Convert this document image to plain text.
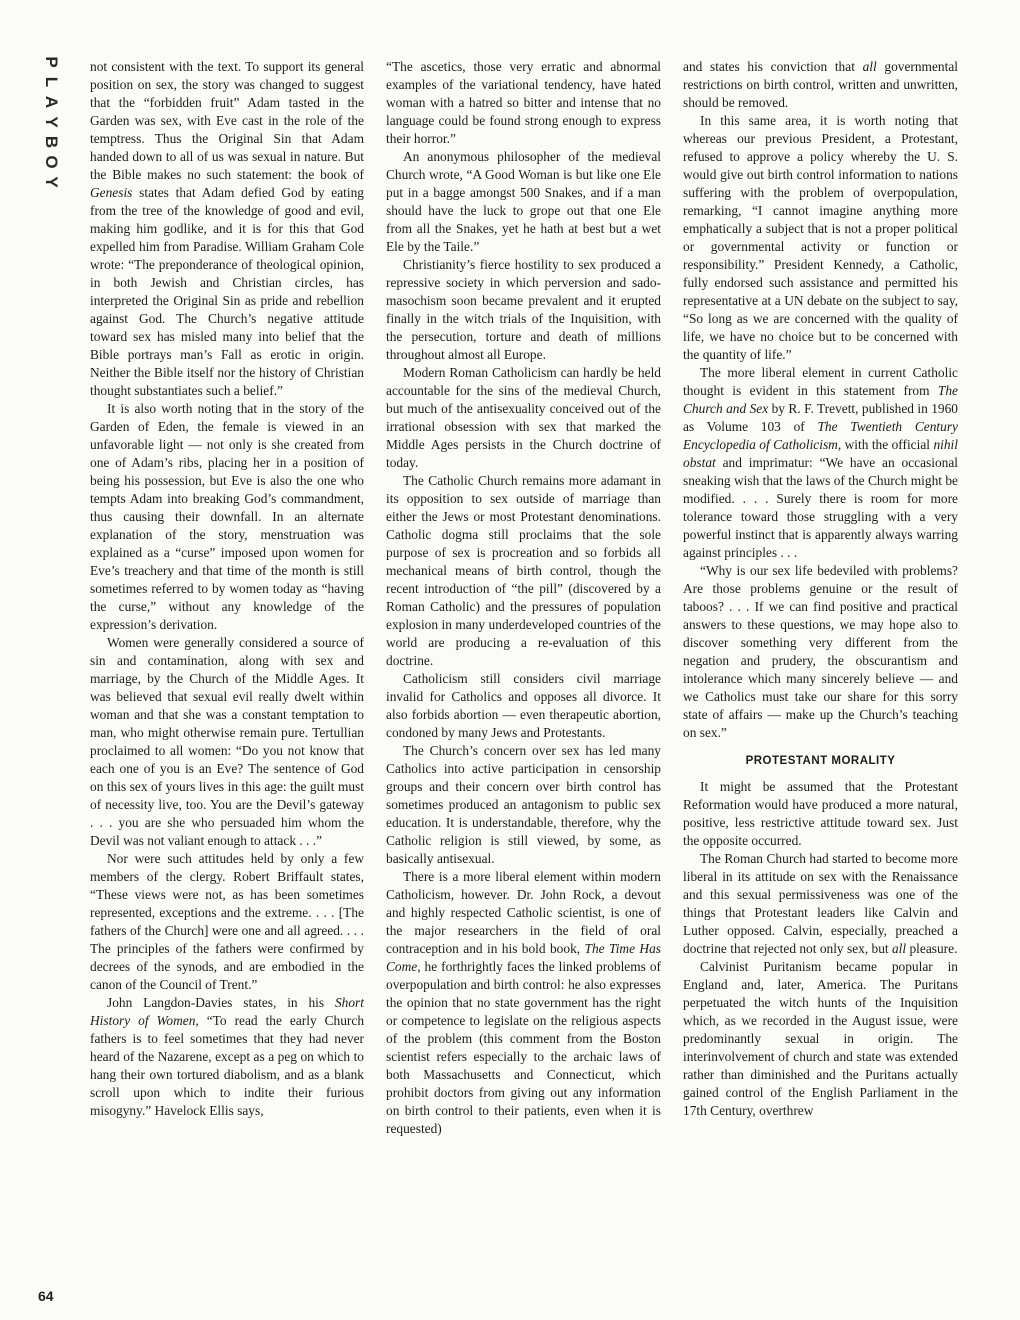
P
L
A
Y
B
O
Y

not consistent with the text. To support its general position on sex, the story was changed to suggest that the “forbidden fruit” Adam tasted in the Garden was sex, with Eve cast in the role of the temptress. Thus the Original Sin that Adam handed down to all of us was sexual in nature. But the Bible makes no such statement: the book of Genesis states that Adam defied God by eating from the tree of the knowledge of good and evil, making him godlike, and it is for this that God expelled him from Paradise. William Graham Cole wrote: “The preponderance of theological opinion, in both Jewish and Christian circles, has interpreted the Original Sin as pride and rebellion against God. The Church’s negative attitude toward sex has misled many into belief that the Bible portrays man’s Fall as erotic in origin. Neither the Bible itself nor the history of Christian thought substantiates such a belief.”

It is also worth noting that in the story of the Garden of Eden, the female is viewed in an unfavorable light — not only is she created from one of Adam’s ribs, placing her in a position of being his possession, but Eve is also the one who tempts Adam into breaking God’s commandment, thus causing their downfall. In an alternate explanation of the story, menstruation was explained as a “curse” imposed upon women for Eve’s treachery and that time of the month is still sometimes referred to by women today as “having the curse,” without any knowledge of the expression’s derivation.

Women were generally considered a source of sin and contamination, along with sex and marriage, by the Church of the Middle Ages. It was believed that sexual evil really dwelt within woman and that she was a constant temptation to man, who might otherwise remain pure. Tertullian proclaimed to all women: “Do you not know that each one of you is an Eve? The sentence of God on this sex of yours lives in this age: the guilt must of necessity live, too. You are the Devil’s gateway . . . you are she who persuaded him whom the Devil was not valiant enough to attack . . .”

Nor were such attitudes held by only a few members of the clergy. Robert Briffault states, “These views were not, as has been sometimes represented, exceptions and the extreme. . . . [The fathers of the Church] were one and all agreed. . . . The principles of the fathers were confirmed by decrees of the synods, and are embodied in the canon of the Council of Trent.”

John Langdon-Davies states, in his Short History of Women, “To read the early Church fathers is to feel sometimes that they had never heard of the Nazarene, except as a peg on which to hang their own tortured diabolism, and as a blank scroll upon which to indite their furious misogyny.” Havelock Ellis says,

“The ascetics, those very erratic and abnormal examples of the variational tendency, have hated woman with a hatred so bitter and intense that no language could be found strong enough to express their horror.”

An anonymous philosopher of the medieval Church wrote, “A Good Woman is but like one Ele put in a bagge amongst 500 Snakes, and if a man should have the luck to grope out that one Ele from all the Snakes, yet he hath at best but a wet Ele by the Taile.”

Christianity’s fierce hostility to sex produced a repressive society in which perversion and sado-masochism soon became prevalent and it erupted finally in the witch trials of the Inquisition, with the persecution, torture and death of millions throughout almost all Europe.

Modern Roman Catholicism can hardly be held accountable for the sins of the medieval Church, but much of the antisexuality conceived out of the irrational obsession with sex that marked the Middle Ages persists in the Church doctrine of today.

The Catholic Church remains more adamant in its opposition to sex outside of marriage than either the Jews or most Protestant denominations. Catholic dogma still proclaims that the sole purpose of sex is procreation and so forbids all mechanical means of birth control, though the recent introduction of “the pill” (discovered by a Roman Catholic) and the pressures of population explosion in many underdeveloped countries of the world are producing a re-evaluation of this doctrine.

Catholicism still considers civil marriage invalid for Catholics and opposes all divorce. It also forbids abortion — even therapeutic abortion, condoned by many Jews and Protestants.

The Church’s concern over sex has led many Catholics into active participation in censorship groups and their concern over birth control has sometimes produced an antagonism to public sex education. It is understandable, therefore, why the Catholic religion is still viewed, by some, as basically antisexual.

There is a more liberal element within modern Catholicism, however. Dr. John Rock, a devout and highly respected Catholic scientist, is one of the major researchers in the field of oral contraception and in his bold book, The Time Has Come, he forthrightly faces the linked problems of overpopulation and birth control: he also expresses the opinion that no state government has the right or competence to legislate on the religious aspects of the problem (this comment from the Boston scientist refers especially to the archaic laws of both Massachusetts and Connecticut, which prohibit doctors from giving out any information on birth control to their patients, even when it is requested)

and states his conviction that all governmental restrictions on birth control, written and unwritten, should be removed.

In this same area, it is worth noting that whereas our previous President, a Protestant, refused to approve a policy whereby the U. S. would give out birth control information to nations suffering with the problem of overpopulation, remarking, “I cannot imagine anything more emphatically a subject that is not a proper political or governmental activity or function or responsibility.” President Kennedy, a Catholic, fully endorsed such assistance and permitted his representative at a UN debate on the subject to say, “So long as we are concerned with the quality of life, we have no choice but to be concerned with the quantity of life.”

The more liberal element in current Catholic thought is evident in this statement from The Church and Sex by R. F. Trevett, published in 1960 as Volume 103 of The Twentieth Century Encyclopedia of Catholicism, with the official nihil obstat and imprimatur: “We have an occasional sneaking wish that the laws of the Church might be modified. . . . Surely there is room for more tolerance toward those struggling with a very powerful instinct that is apparently always warring against principles . . .

“Why is our sex life bedeviled with problems? Are those problems genuine or the result of taboos? . . . If we can find positive and practical answers to these questions, we may hope also to discover something very different from the negation and prudery, the obscurantism and intolerance which many sincerely believe — and we Catholics must take our share for this sorry state of affairs — make up the Church’s teaching on sex.”

PROTESTANT MORALITY

It might be assumed that the Protestant Reformation would have produced a more natural, positive, less restrictive attitude toward sex. Just the opposite occurred.

The Roman Church had started to become more liberal in its attitude on sex with the Renaissance and this sexual permissiveness was one of the things that Protestant leaders like Calvin and Luther opposed. Calvin, especially, preached a doctrine that rejected not only sex, but all pleasure.

Calvinist Puritanism became popular in England and, later, America. The Puritans perpetuated the witch hunts of the Inquisition which, as we recorded in the August issue, were predominantly sexual in origin. The interinvolvement of church and state was extended rather than diminished and the Puritans actually gained control of the English Parliament in the 17th Century, overthrew

64
